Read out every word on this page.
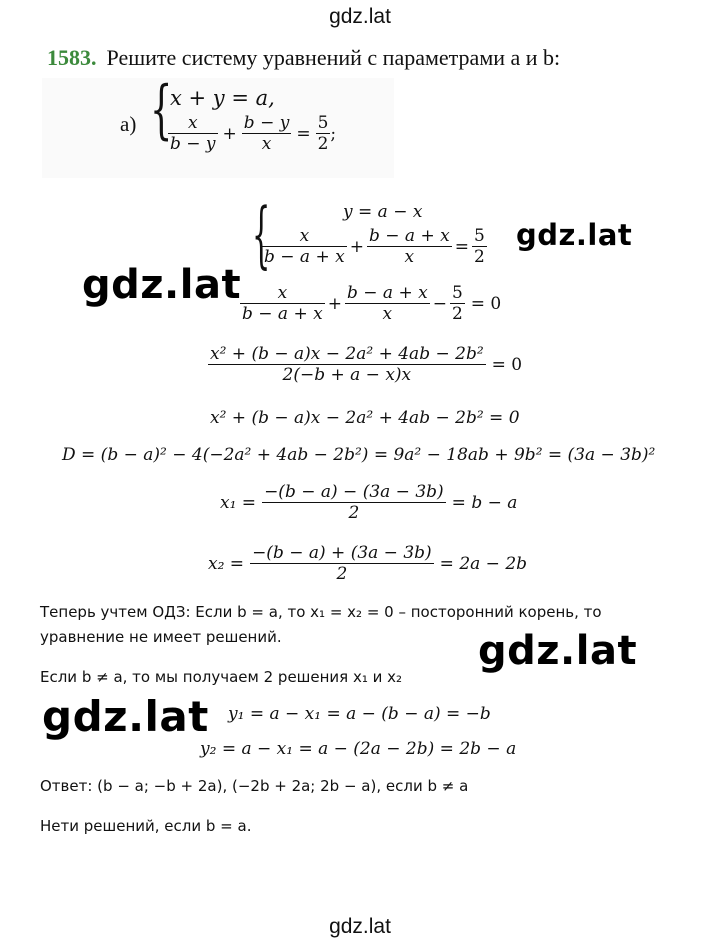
gdz.lat
gdz.lat
1583. Решите систему уравнений с параметрами a и b:
а) {
x + y = a,
$\frac{x}{b - y} + \frac{b - y}{x} = \frac{5}{2}$ ;
{	y = a − x
$\frac{x}{b - a + x} + \frac{b - a + x}{x} = \frac{5}{2}$
$\frac{x}{b - a + x} + \frac{b - a + x}{x} - \frac{5}{2} = 0$
$\frac{\text{x² + (b − a)x − 2a² + 4ab − 2b²}}{2(-b + a - x)x} = 0$
x² + (b − a)x − 2a² + 4ab − 2b² = 0
D = (b − a)² − 4(−2a² + 4ab − 2b²) = 9a² − 18ab + 9b² = (3a − 3b)²
$x_1 = \frac{-(b - a) - (3a - 3b)}{2} = b - a$
$x_2 = \frac{-(b - a) + (3a - 3b)}{2} = 2a - 2b$
Теперь учтем ОДЗ: Если b = a, то x₁ = x₂ = 0 – посторонний корень, то
уравнение не имеет решений.
Если b ≠ a, то мы получаем 2 решения x₁ и x₂
y₁ = a − x₁ = a − (b − a) = −b
y₂ = a − x₁ = a − (2a − 2b) = 2b − a
Ответ: (b − a; −b + 2a), (−2b + 2a; 2b − a), если b ≠ a
Нети решений, если b = a.
gdz.lat
gdz.lat
gdz.lat
gdz.lat
